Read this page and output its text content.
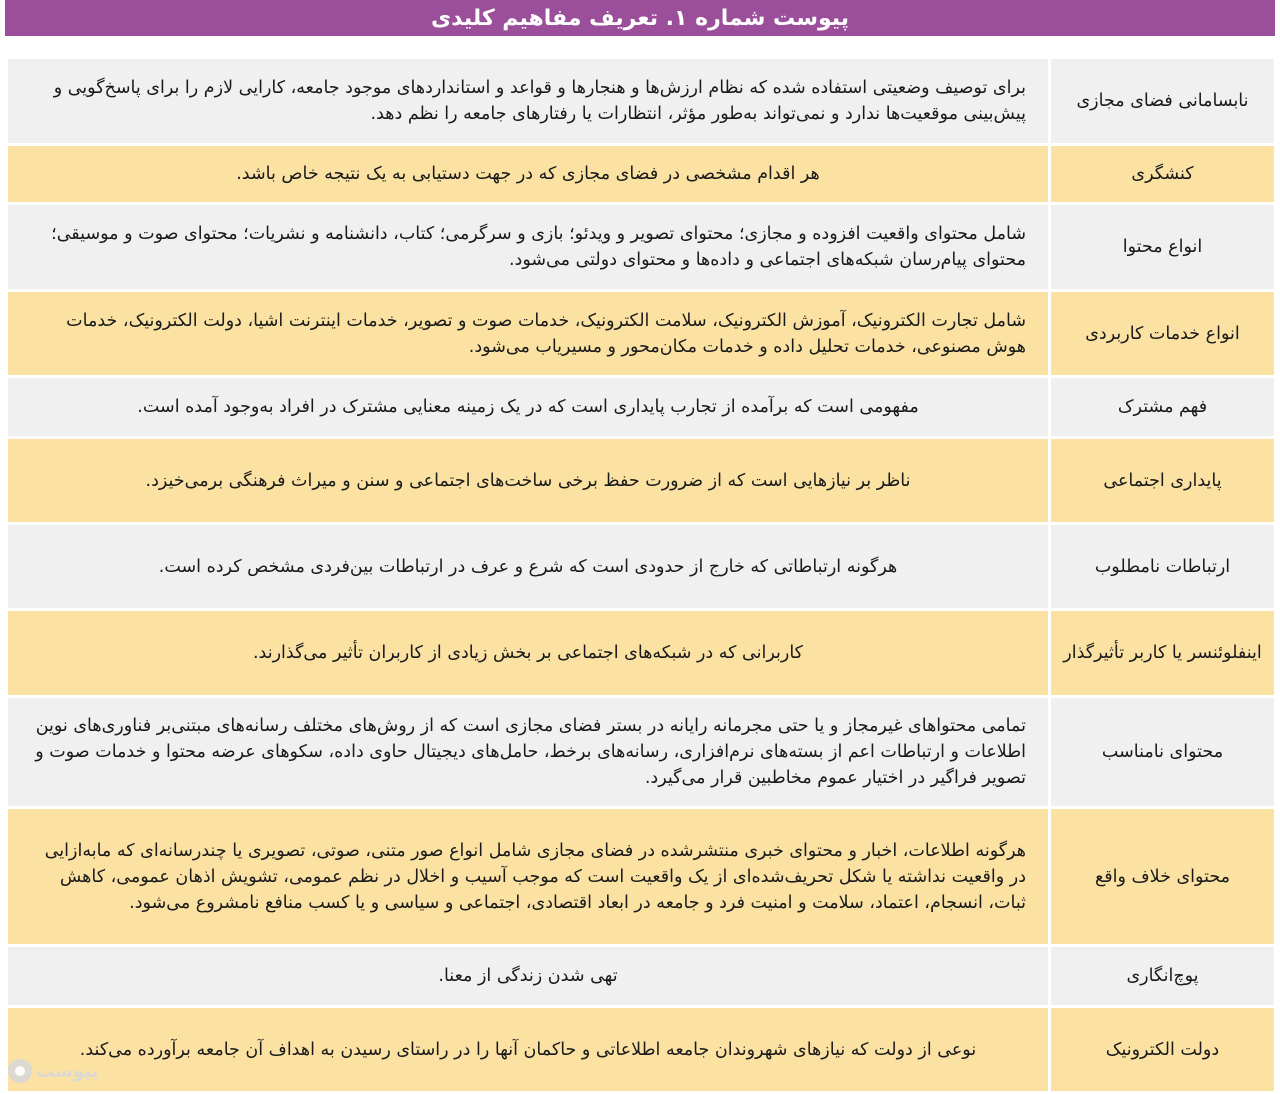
پیوست شماره ۱. تعریف مفاهیم کلیدی
نابسامانی فضای مجازی	برای توصیف وضعیتی استفاده شده که نظام ارزش‌ها و هنجارها و قواعد و استانداردهای موجود جامعه، کارایی لازم را برای پاسخ‌گویی و پیش‌بینی موقعیت‌ها ندارد و نمی‌تواند به‌طور مؤثر، انتظارات یا رفتارهای جامعه را نظم دهد.
کنشگری	هر اقدام مشخصی در فضای مجازی که در جهت دستیابی به یک نتیجه خاص باشد.
انواع محتوا	شامل محتوای واقعیت افزوده و مجازی؛ محتوای تصویر و ویدئو؛ بازی و سرگرمی؛ کتاب، دانشنامه و نشریات؛ محتوای صوت و موسیقی؛ محتوای پیام‌رسان شبکه‌های اجتماعی و داده‌ها و محتوای دولتی می‌شود.
انواع خدمات کاربردی	شامل تجارت الکترونیک، آموزش الکترونیک، سلامت الکترونیک، خدمات صوت و تصویر، خدمات اینترنت اشیا، دولت الکترونیک، خدمات هوش مصنوعی، خدمات تحلیل داده و خدمات مکان‌محور و مسیریاب می‌شود.
فهم مشترک	مفهومی است که برآمده از تجارب پایداری است که در یک زمینه معنایی مشترک در افراد به‌وجود آمده است.
پایداری اجتماعی	ناظر بر نیازهایی است که از ضرورت حفظ برخی ساخت‌های اجتماعی و سنن و میراث فرهنگی برمی‌خیزد.
ارتباطات نامطلوب	هرگونه ارتباطاتی که خارج از حدودی است که شرع و عرف در ارتباطات بین‌فردی مشخص کرده است.
اینفلوئنسر یا کاربر تأثیرگذار	کاربرانی که در شبکه‌های اجتماعی بر بخش زیادی از کاربران تأثیر می‌گذارند.
محتوای نامناسب	تمامی محتواهای غیرمجاز و یا حتی مجرمانه رایانه در بستر فضای مجازی است که از روش‌های مختلف رسانه‌های مبتنی‌بر فناوری‌های نوین اطلاعات و ارتباطات اعم از بسته‌های نرم‌افزاری، رسانه‌های برخط، حامل‌های دیجیتال حاوی داده، سکوهای عرضه محتوا و خدمات صوت و تصویر فراگیر در اختیار عموم مخاطبین قرار می‌گیرد.
محتوای خلاف واقع	هرگونه اطلاعات، اخبار و محتوای خبری منتشرشده در فضای مجازی شامل انواع صور متنی، صوتی، تصویری یا چندرسانه‌ای که مابه‌ازایی در واقعیت نداشته یا شکل تحریف‌شده‌ای از یک واقعیت است که موجب آسیب و اخلال در نظم عمومی، تشویش اذهان عمومی، کاهش ثبات، انسجام، اعتماد، سلامت و امنیت فرد و جامعه در ابعاد اقتصادی، اجتماعی و سیاسی و یا کسب منافع نامشروع می‌شود.
پوچ‌انگاری	تهی شدن زندگی از معنا.
دولت الکترونیک	نوعی از دولت که نیازهای شهروندان جامعه اطلاعاتی و حاکمان آنها را در راستای رسیدن به اهداف آن جامعه برآورده می‌کند.
پیوست
